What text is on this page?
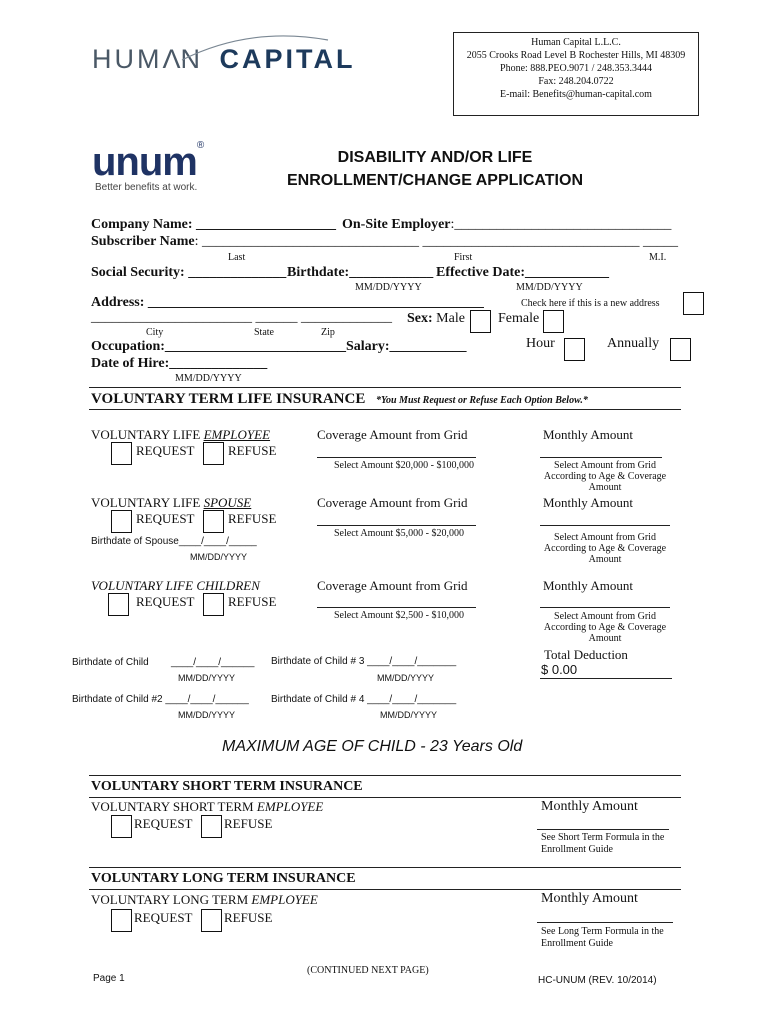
HUMΛN CAPITAL
Human Capital L.L.C.
2055 Crooks Road Level B Rochester Hills, MI 48309
Phone: 888.PEO.9071 / 248.353.3444
Fax: 248.204.0722
E-mail: Benefits@human-capital.com
unum®
Better benefits at work.
DISABILITY AND/OR LIFE
ENROLLMENT/CHANGE APPLICATION
Company Name: ____________________ On-Site Employer:_______________________________
Subscriber Name: _______________________________ _______________________________ _____
Last	First	M.I.
Social Security: ______________ Birthdate:____________ Effective Date:____________
MM/DD/YYYY	MM/DD/YYYY
Address: ________________________________________________	Check here if this is a new address
_______________________ ______ _____________ Sex: Male Female
City	State	Zip
Occupation:___________________ _______Salary:___________	Hour	Annually
Date of Hire:______________
MM/DD/YYYY
VOLUNTARY TERM LIFE INSURANCE *You Must Request or Refuse Each Option Below.*
VOLUNTARY LIFE EMPLOYEE
REQUEST	REFUSE
Coverage Amount from Grid
Select Amount $20,000 - $100,000
Monthly Amount
Select Amount from Grid
According to Age & Coverage
Amount
VOLUNTARY LIFE SPOUSE
REQUEST	REFUSE
Birthdate of Spouse____/____/_____
MM/DD/YYYY
Coverage Amount from Grid
Select Amount $5,000 - $20,000
Monthly Amount
Select Amount from Grid
According to Age & Coverage
Amount
VOLUNTARY LIFE CHILDREN
REQUEST	REFUSE
Coverage Amount from Grid
Select Amount $2,500 - $10,000
Monthly Amount
Select Amount from Grid
According to Age & Coverage
Amount
Birthdate of Child ____/____/______
MM/DD/YYYY
Birthdate of Child # 3 ____/____/_______
MM/DD/YYYY
Birthdate of Child #2 ____/____/______
MM/DD/YYYY
Birthdate of Child # 4 ____/____/_______
MM/DD/YYYY
Total Deduction
$ 0.00
MAXIMUM AGE OF CHILD - 23 Years Old
VOLUNTARY SHORT TERM INSURANCE
VOLUNTARY SHORT TERM EMPLOYEE
REQUEST REFUSE
Monthly Amount
See Short Term Formula in the
Enrollment Guide
VOLUNTARY LONG TERM INSURANCE
VOLUNTARY LONG TERM EMPLOYEE
REQUEST REFUSE
Monthly Amount
See Long Term Formula in the
Enrollment Guide
Page 1
(CONTINUED NEXT PAGE)
HC-UNUM (REV. 10/2014)
